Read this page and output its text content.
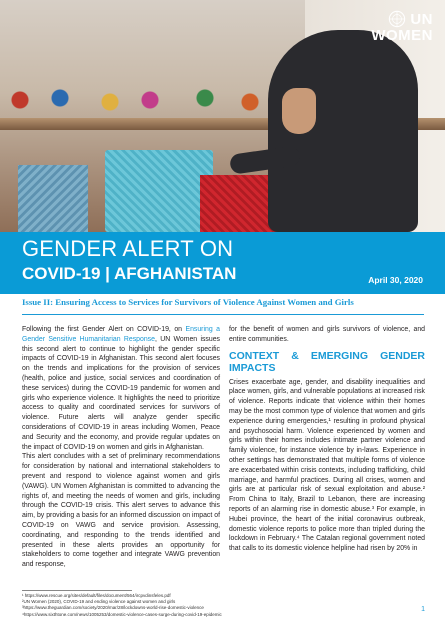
UN
WOMEN
GENDER ALERT ON
COVID-19 | AFGHANISTAN	April 30, 2020
Issue II: Ensuring Access to Services for Survivors of Violence Against Women and Girls

Following the first Gender Alert on COVID-19, on Ensuring a Gender Sensitive Humanitarian Response, UN Women issues this second alert to continue to highlight the gender specific impacts of COVID-19 in Afghanistan. This second alert focuses on the trends and implications for the provision of services (health, police and justice, social services and coordination of these services) during the COVID-19 pandemic for women and girls who experience violence. It highlights the need to prioritize access to quality and coordinated services for survivors of violence. Future alerts will analyze gender specific considerations of COVID-19 in areas including Women, Peace and Security and the economy, and provide regular updates on the impact of COVID-19 on women and girls in Afghanistan.

This alert concludes with a set of preliminary recommendations for consideration by national and international stakeholders to prevent and respond to violence against women and girls (VAWG). UN Women Afghanistan is committed to advancing the rights of, and meeting the needs of women and girls, including through the COVID-19 crisis. This alert serves to advance this aim, by providing a basis for an informed discussion on impact of COVID-19 on VAWG and service provision. Assessing, coordinating, and responding to the trends identified and presented in these alerts provides an opportunity for stakeholders to come together and integrate VAWG prevention and response,

for the benefit of women and girls survivors of violence, and entire communities.

CONTEXT & EMERGING GENDER IMPACTS

Crises exacerbate age, gender, and disability inequalities and place women, girls, and vulnerable populations at increased risk of violence. Reports indicate that violence within their homes may be the most common type of violence that women and girls experience during emergencies,¹ resulting in profound physical and psychosocial harm. Violence experienced by women and girls within their homes includes intimate partner violence and family violence, for instance violence by in-laws. Experience in other settings has demonstrated that multiple forms of violence are exacerbated within crisis contexts, including trafficking, child marriage, and harmful practices. During all crises, women and girls are at particular risk of sexual exploitation and abuse.² From China to Italy, Brazil to Lebanon, there are increasing reports of an alarming rise in domestic abuse.³ For example, in Hubei province, the heart of the initial coronavirus outbreak, domestic violence reports to police more than tripled during the lockdown in February.⁴ The Catalan regional government noted that calls to its domestic violence helpline had risen by 20% in

¹ https://www.rescue.org/sites/default/files/document/564/ircpvdinsfeles.pdf
²UN Women (2020), COVID-19 and ending violence against women and girls
³https://www.theguardian.com/society/2020/mar/28/lockdowns-world-rise-domestic-violence
⁴https://www.sixthtone.com/news/1005253/domestic-violence-cases-surge-during-covid-19-epidemic
1
